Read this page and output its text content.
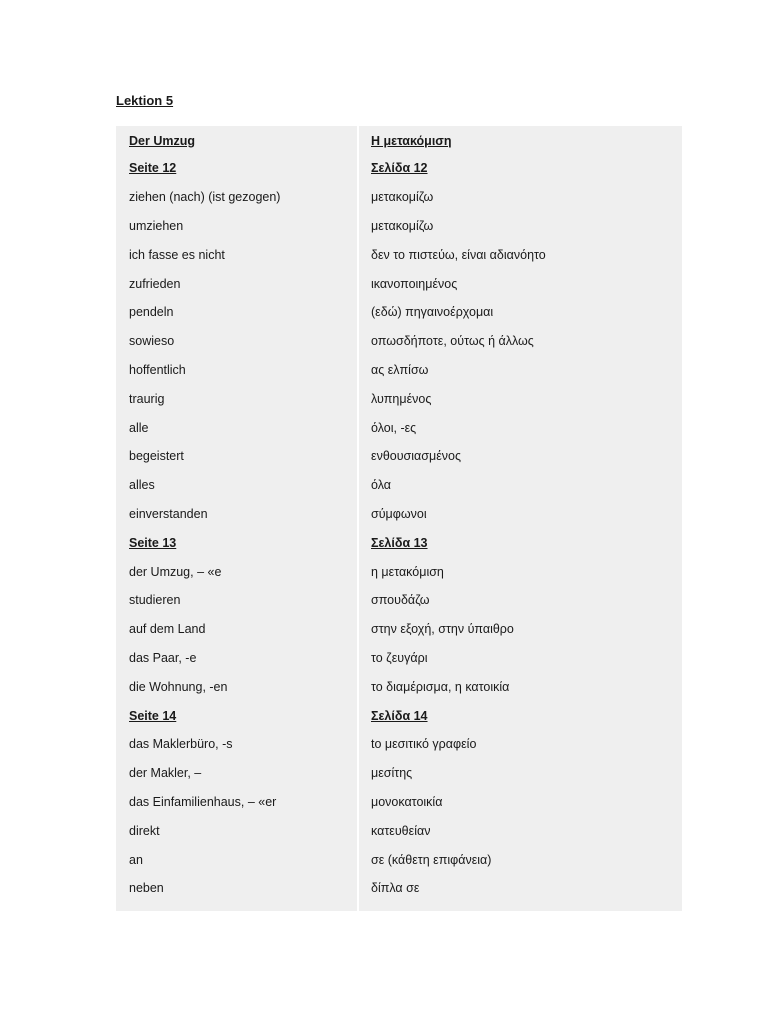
Lektion 5
Der Umzug	Η μετακόμιση
Seite 12	Σελίδα 12
ziehen (nach) (ist gezogen)	μετακομίζω
umziehen	μετακομίζω
ich fasse es nicht	δεν το πιστεύω, είναι αδιανόητο
zufrieden	ικανοποιημένος
pendeln	(εδώ) πηγαινοέρχομαι
sowieso	οπωσδήποτε, ούτως ή άλλως
hoffentlich	ας ελπίσω
traurig	λυπημένος
alle	όλοι, -ες
begeistert	ενθουσιασμένος
alles	όλα
einverstanden	σύμφωνοι
Seite 13	Σελίδα 13
der Umzug, – «e	η μετακόμιση
studieren	σπουδάζω
auf dem Land	στην εξοχή, στην ύπαιθρο
das Paar, -e	το ζευγάρι
die Wohnung, -en	το διαμέρισμα, η κατοικία
Seite 14	Σελίδα 14
das Maklerbüro, -s	to μεσιτικό γραφείο
der Makler, –	μεσίτης
das Einfamilienhaus, – «er	μονοκατοικία
direkt	κατευθείαν
an	σε (κάθετη επιφάνεια)
neben	δίπλα σε
